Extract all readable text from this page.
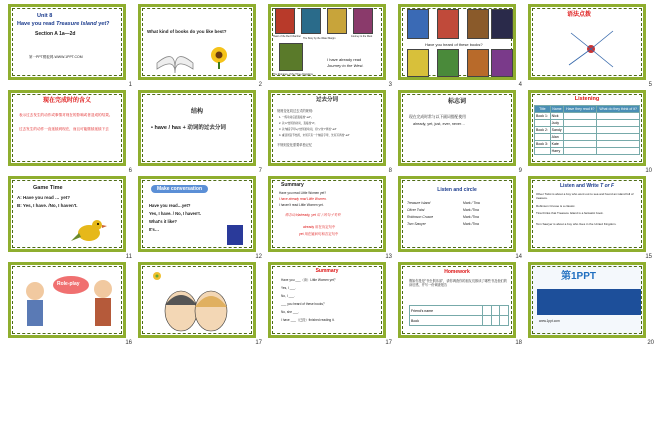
Unit 8
Have you read Treasure Island yet?
Section A 1a—2d
第一PPT模板网-WWW.1PPT.COM
1
What kind of books do you like best?
2
Heart of the Red Chamber
The Story by the Water Margin
Journey to the West
The Romance of the Three Kingdoms
I have already read
Journey to the West.
3
Have you heard of these books?
4
语法点拨
5
现在完成时的含义
表示过去发生的动作或事情对现在的影响或者造成的结果。
过去发生的动作一直延续到现在，而且可能继续延续下去
6
结构
• have / has + 动词的过去分词
7
过去分词
规则变化同过去式的规则：
1. 一般动词后面直接加"-ed"。
2. 以"e"结尾的动词，直接加"d"。
3. 以"辅音字母+y"结尾的动词，将"y"改"i"再加"-ed"
4. 重读闭音节结尾，末尾只有一个辅音字母，先双写再加"-ed"
不规则变化需要单独记忆
8
标志词
现在完成时常与以下副词搭配使用
already, yet, just, ever, never…
9
Listening
Title	Name	Have they read it?	What do they think of it?
Book 1:	Nick		
	Judy		
Book 2:	Sandy		
	Alan		
Book 3:	Kate		
	Harry		
10
Game Time
A: Have you read … yet?
B: Yes, I have. /No, I haven't.
11
Make conversation
Have you read…yet?
Yes, I have. / No, I haven't.
What's it like?
It's…
12
Summary
Have you read Little Women yet?
I have already read Little Women.
I haven't read Little Women yet.
情态动词already, yet 用于的句子类型
already 用在肯定句中
yet 用在疑问句和否定句中
13
Listen and circle
Treasure Island	Mark / Tina
Oliver Twist	Mark /Tina
Robinson Crusoe	Mark /Tina
Tom Sawyer	Mark /Tina
14
Listen and Write T or F
Oliver Twist is about a boy who went out to sea and found an island full of treasure.
Robinson Crusoe is a classic.
Tina thinks that Treasure Island is a fantastic book.
Tom Sawyer is about a boy who lives in the United Kingdom.
15
Role-play
16	17
Summary
Have you ___（读）Little Women yet？
Yes, I ___.
No, I ___.
___ you heard of these books？
No, she ___.
I have ___（已经）finished reading it.
17
Homework
假如你是是"书虫俱乐部"，请你调查你的朋友们都读了哪些书及他们的读后感，并写一份调查报告
Friend's name			
Book			
18
第1PPT
www.1ppt.com
20
